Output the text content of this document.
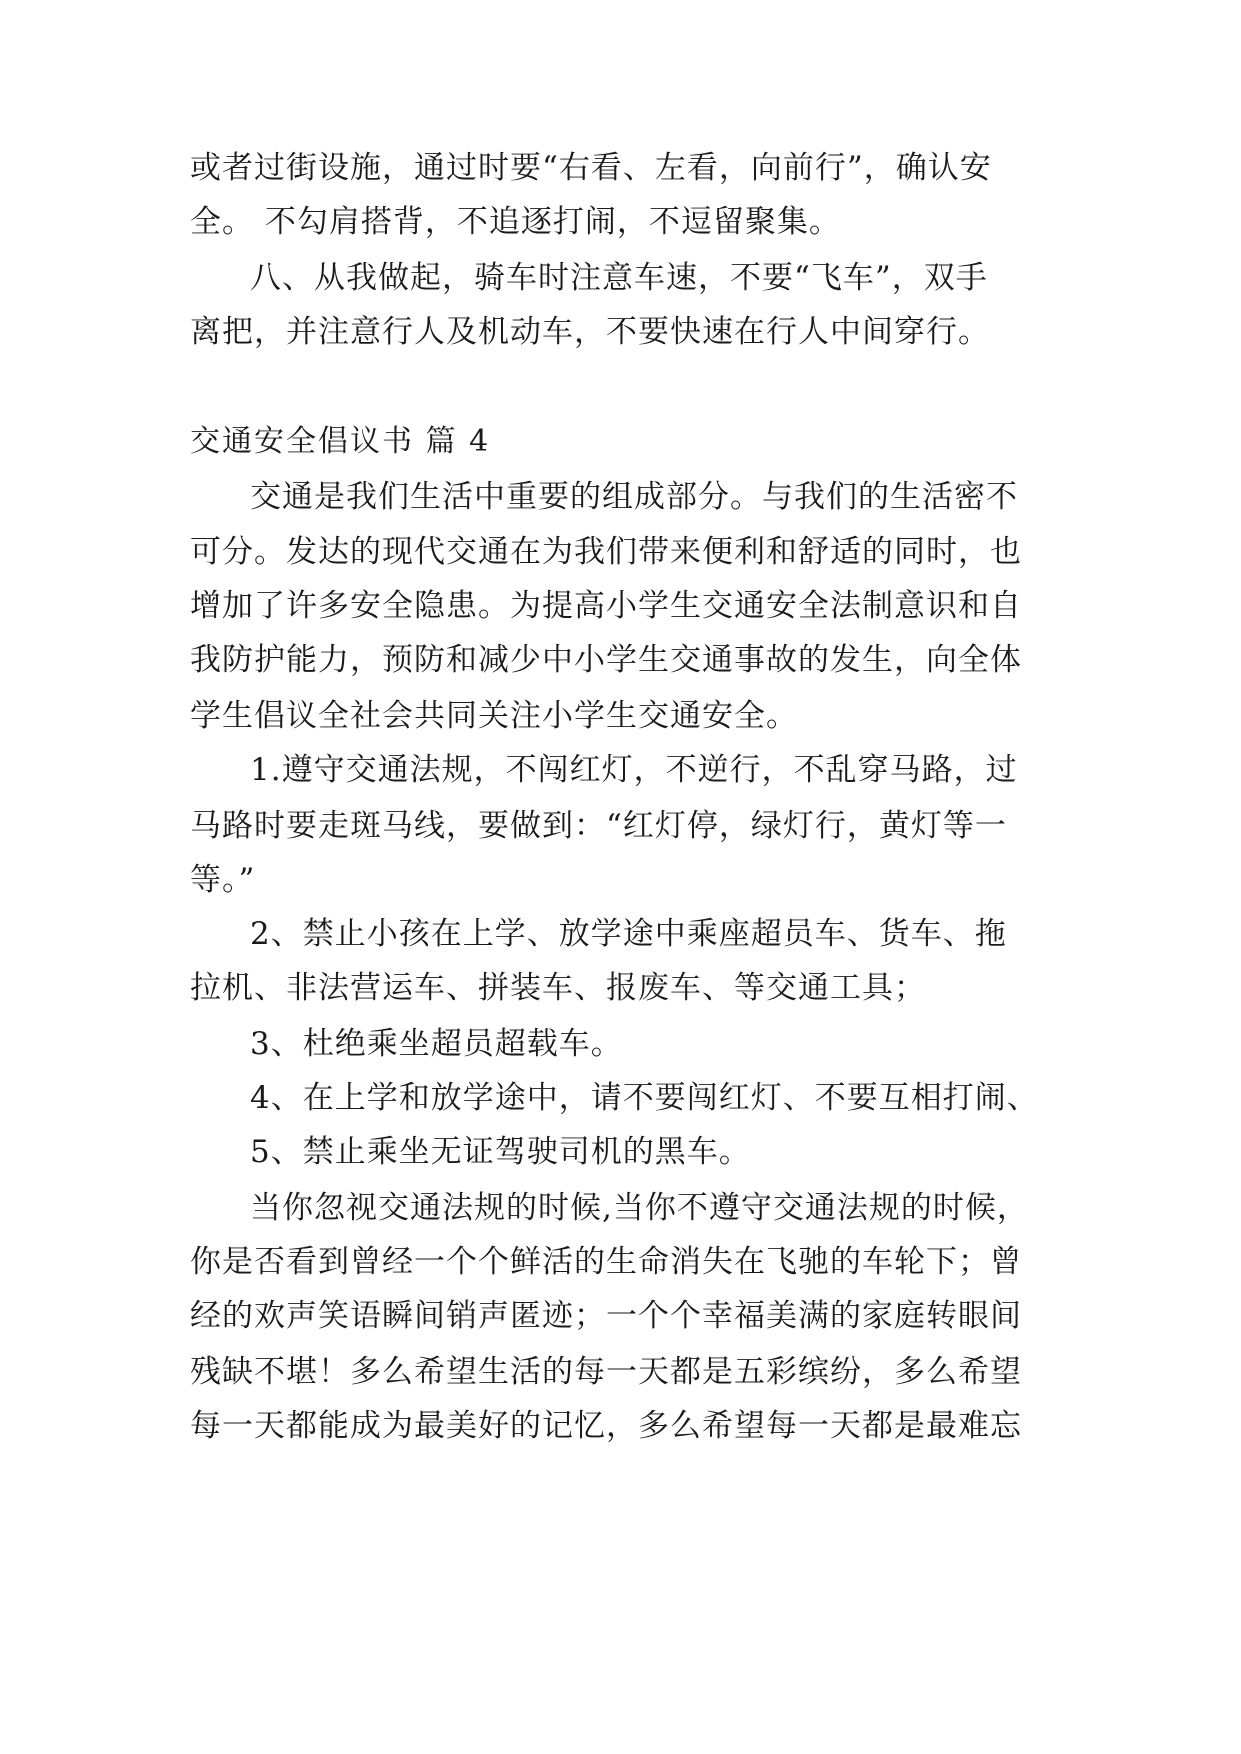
或者过街设施，通过时要“右看、左看，向前行”，确认安
全。 不勾肩搭背，不追逐打闹，不逗留聚集。
八、从我做起，骑车时注意车速，不要“飞车”，双手
离把，并注意行人及机动车，不要快速在行人中间穿行。
交通安全倡议书 篇 4
交通是我们生活中重要的组成部分。与我们的生活密不
可分。发达的现代交通在为我们带来便利和舒适的同时，也
增加了许多安全隐患。为提高小学生交通安全法制意识和自
我防护能力，预防和减少中小学生交通事故的发生，向全体
学生倡议全社会共同关注小学生交通安全。
1.遵守交通法规，不闯红灯，不逆行，不乱穿马路，过
马路时要走斑马线，要做到：“红灯停，绿灯行，黄灯等一
等。”
2、禁止小孩在上学、放学途中乘座超员车、货车、拖
拉机、非法营运车、拼装车、报废车、等交通工具；
3、杜绝乘坐超员超载车。
4、在上学和放学途中，请不要闯红灯、不要互相打闹、
5、禁止乘坐无证驾驶司机的黑车。
当你忽视交通法规的时候,当你不遵守交通法规的时候，
你是否看到曾经一个个鲜活的生命消失在飞驰的车轮下；曾
经的欢声笑语瞬间销声匿迹；一个个幸福美满的家庭转眼间
残缺不堪！多么希望生活的每一天都是五彩缤纷，多么希望
每一天都能成为最美好的记忆，多么希望每一天都是最难忘
